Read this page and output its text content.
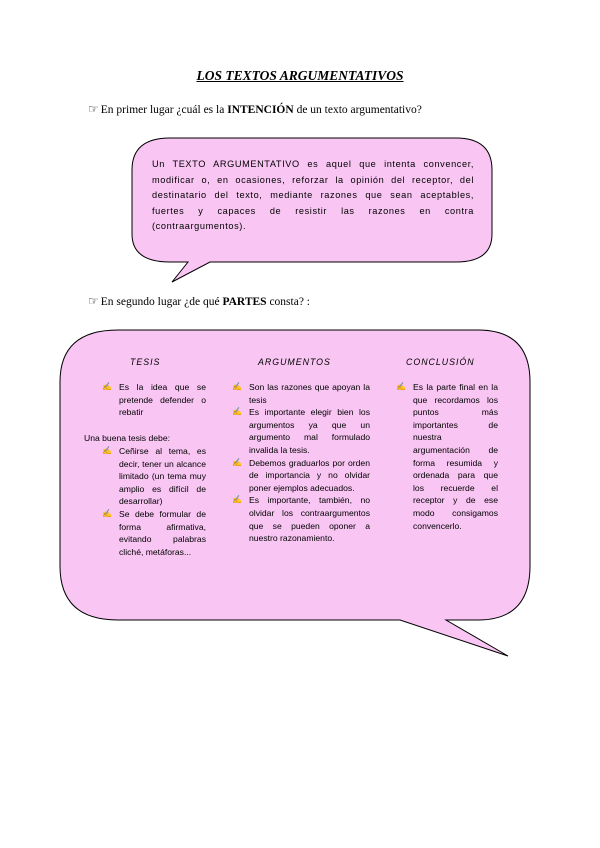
LOS TEXTOS ARGUMENTATIVOS
☞ En primer lugar ¿cuál es la INTENCIÓN de un texto argumentativo?
Un TEXTO ARGUMENTATIVO es aquel que intenta convencer, modificar o, en ocasiones, reforzar la opinión del receptor, del destinatario del texto, mediante razones que sean aceptables, fuertes y capaces de resistir las razones en contra (contraargumentos).
☞ En segundo lugar ¿de qué PARTES consta? :
TESIS
✍ Es la idea que se pretende defender o rebatir
Una buena tesis debe:
✍ Ceñirse al tema, es decir, tener un alcance limitado (un tema muy amplio es difícil de desarrollar)
✍ Se debe formular de forma afirmativa, evitando palabras cliché, metáforas...
ARGUMENTOS
✍ Son las razones que apoyan la tesis
✍ Es importante elegir bien los argumentos ya que un argumento mal formulado invalida la tesis.
✍ Debemos graduarlos por orden de importancia y no olvidar poner ejemplos adecuados.
✍ Es importante, también, no olvidar los contraargumentos que se pueden oponer a nuestro razonamiento.
CONCLUSIÓN
✍ Es la parte final en la que recordamos los puntos más importantes de nuestra argumentación de forma resumida y ordenada para que los recuerde el receptor y de ese modo consigamos convencerlo.
